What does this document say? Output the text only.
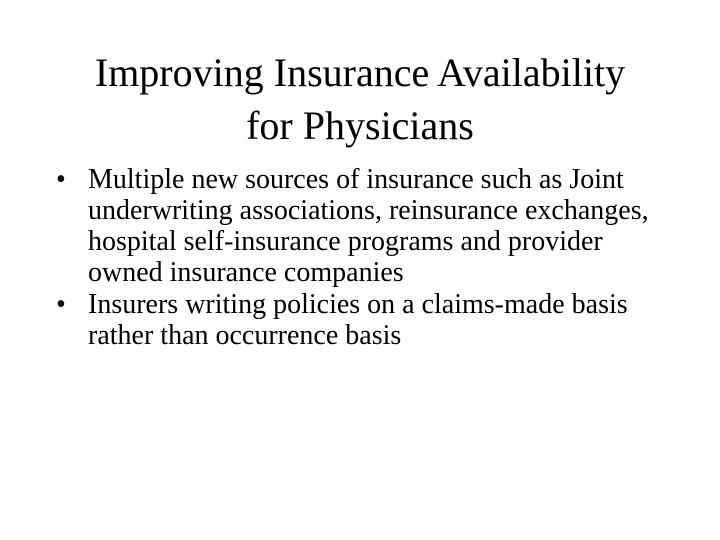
Improving Insurance Availability
for Physicians
• Multiple new sources of insurance such as Joint underwriting associations, reinsurance exchanges, hospital self-insurance programs and provider owned insurance companies
• Insurers writing policies on a claims-made basis rather than occurrence basis
